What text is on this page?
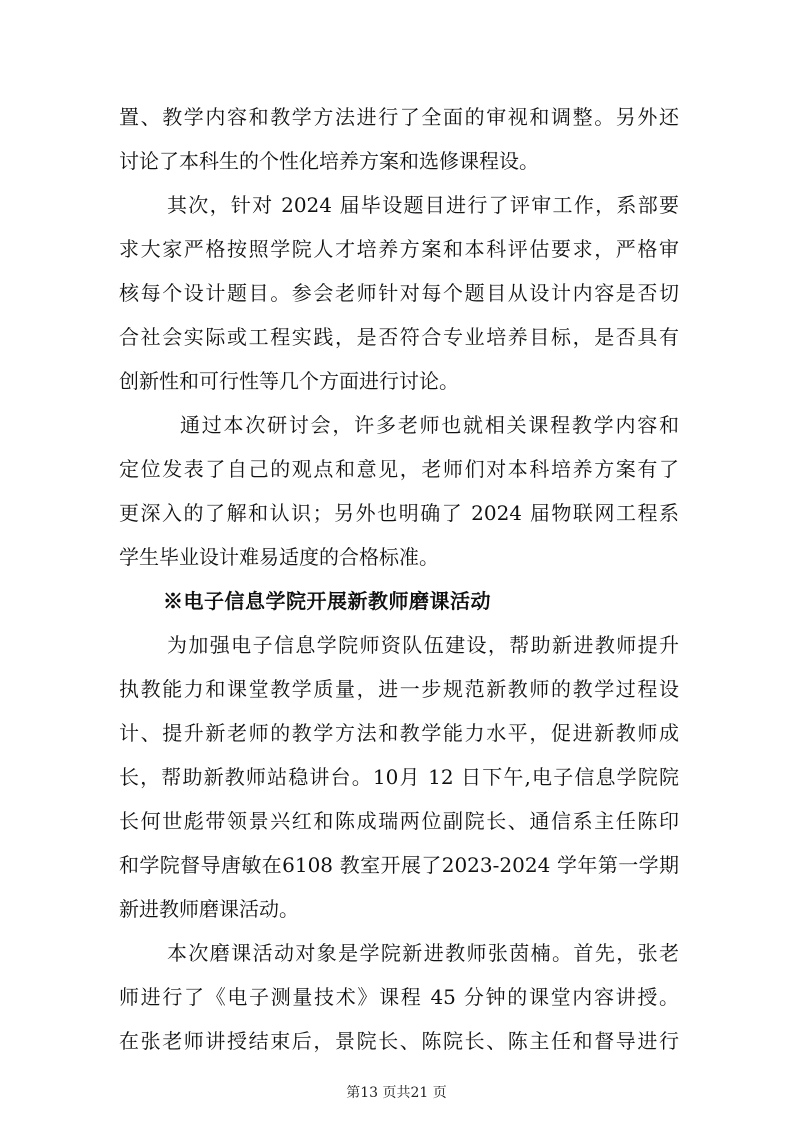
置、教学内容和教学方法进行了全面的审视和调整。另外还
讨论了本科生的个性化培养方案和选修课程设。
其次，针对 2024 届毕设题目进行了评审工作，系部要
求大家严格按照学院人才培养方案和本科评估要求，严格审
核每个设计题目。参会老师针对每个题目从设计内容是否切
合社会实际或工程实践，是否符合专业培养目标，是否具有
创新性和可行性等几个方面进行讨论。
通过本次研讨会，许多老师也就相关课程教学内容和
定位发表了自己的观点和意见，老师们对本科培养方案有了
更深入的了解和认识；另外也明确了 2024 届物联网工程系
学生毕业设计难易适度的合格标准。
※电子信息学院开展新教师磨课活动
为加强电子信息学院师资队伍建设，帮助新进教师提升
执教能力和课堂教学质量，进一步规范新教师的教学过程设
计、提升新老师的教学方法和教学能力水平，促进新教师成
长，帮助新教师站稳讲台。10月 12 日下午,电子信息学院院
长何世彪带领景兴红和陈成瑞两位副院长、通信系主任陈印
和学院督导唐敏在6108 教室开展了2023-2024 学年第一学期
新进教师磨课活动。
本次磨课活动对象是学院新进教师张茵楠。首先，张老
师进行了《电子测量技术》课程 45 分钟的课堂内容讲授。
在张老师讲授结束后，景院长、陈院长、陈主任和督导进行
第13 页共21 页
